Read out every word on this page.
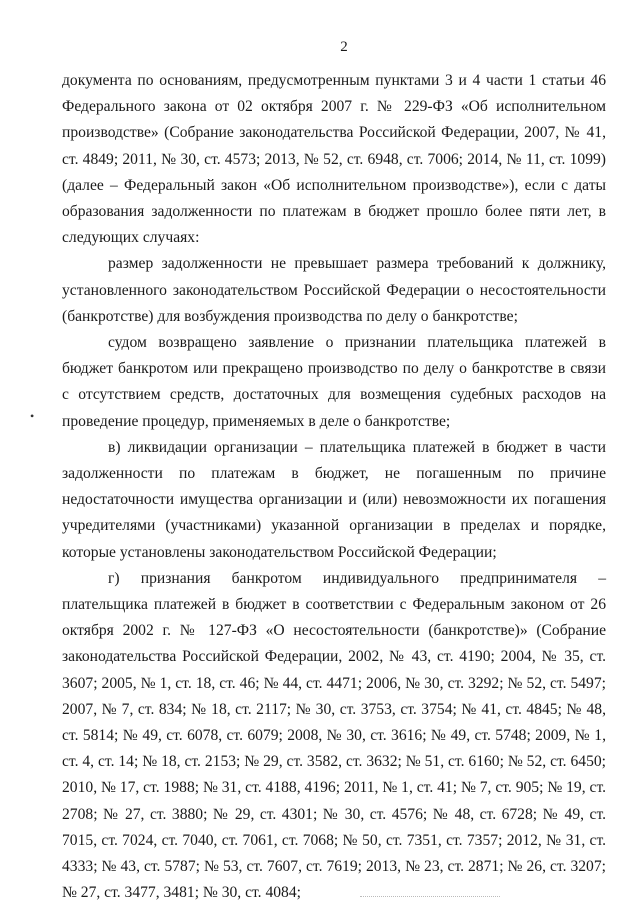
2

документа по основаниям, предусмотренным пунктами 3 и 4 части 1 статьи 46 Федерального закона от 02 октября 2007 г. № 229-ФЗ «Об исполнительном производстве» (Собрание законодательства Российской Федерации, 2007, № 41, ст. 4849; 2011, № 30, ст. 4573; 2013, № 52, ст. 6948, ст. 7006; 2014, № 11, ст. 1099) (далее – Федеральный закон «Об исполнительном производстве»), если с даты образования задолженности по платежам в бюджет прошло более пяти лет, в следующих случаях:

размер задолженности не превышает размера требований к должнику, установленного законодательством Российской Федерации о несостоятельности (банкротстве) для возбуждения производства по делу о банкротстве;

судом возвращено заявление о признании плательщика платежей в бюджет банкротом или прекращено производство по делу о банкротстве в связи с отсутствием средств, достаточных для возмещения судебных расходов на проведение процедур, применяемых в деле о банкротстве;

в) ликвидации организации – плательщика платежей в бюджет в части задолженности по платежам в бюджет, не погашенным по причине недостаточности имущества организации и (или) невозможности их погашения учредителями (участниками) указанной организации в пределах и порядке, которые установлены законодательством Российской Федерации;

г) признания банкротом индивидуального предпринимателя – плательщика платежей в бюджет в соответствии с Федеральным законом от 26 октября 2002 г. № 127-ФЗ «О несостоятельности (банкротстве)» (Собрание законодательства Российской Федерации, 2002, № 43, ст. 4190; 2004, № 35, ст. 3607; 2005, № 1, ст. 18, ст. 46; № 44, ст. 4471; 2006, № 30, ст. 3292; № 52, ст. 5497; 2007, № 7, ст. 834; № 18, ст. 2117; № 30, ст. 3753, ст. 3754; № 41, ст. 4845; № 48, ст. 5814; № 49, ст. 6078, ст. 6079; 2008, № 30, ст. 3616; № 49, ст. 5748; 2009, № 1, ст. 4, ст. 14; № 18, ст. 2153; № 29, ст. 3582, ст. 3632; № 51, ст. 6160; № 52, ст. 6450; 2010, № 17, ст. 1988; № 31, ст. 4188, 4196; 2011, № 1, ст. 41; № 7, ст. 905; № 19, ст. 2708; № 27, ст. 3880; № 29, ст. 4301; № 30, ст. 4576; № 48, ст. 6728; № 49, ст. 7015, ст. 7024, ст. 7040, ст. 7061, ст. 7068; № 50, ст. 7351, ст. 7357; 2012, № 31, ст. 4333; № 43, ст. 5787; № 53, ст. 7607, ст. 7619; 2013, № 23, ст. 2871; № 26, ст. 3207; № 27, ст. 3477, 3481; № 30, ст. 4084;

•
